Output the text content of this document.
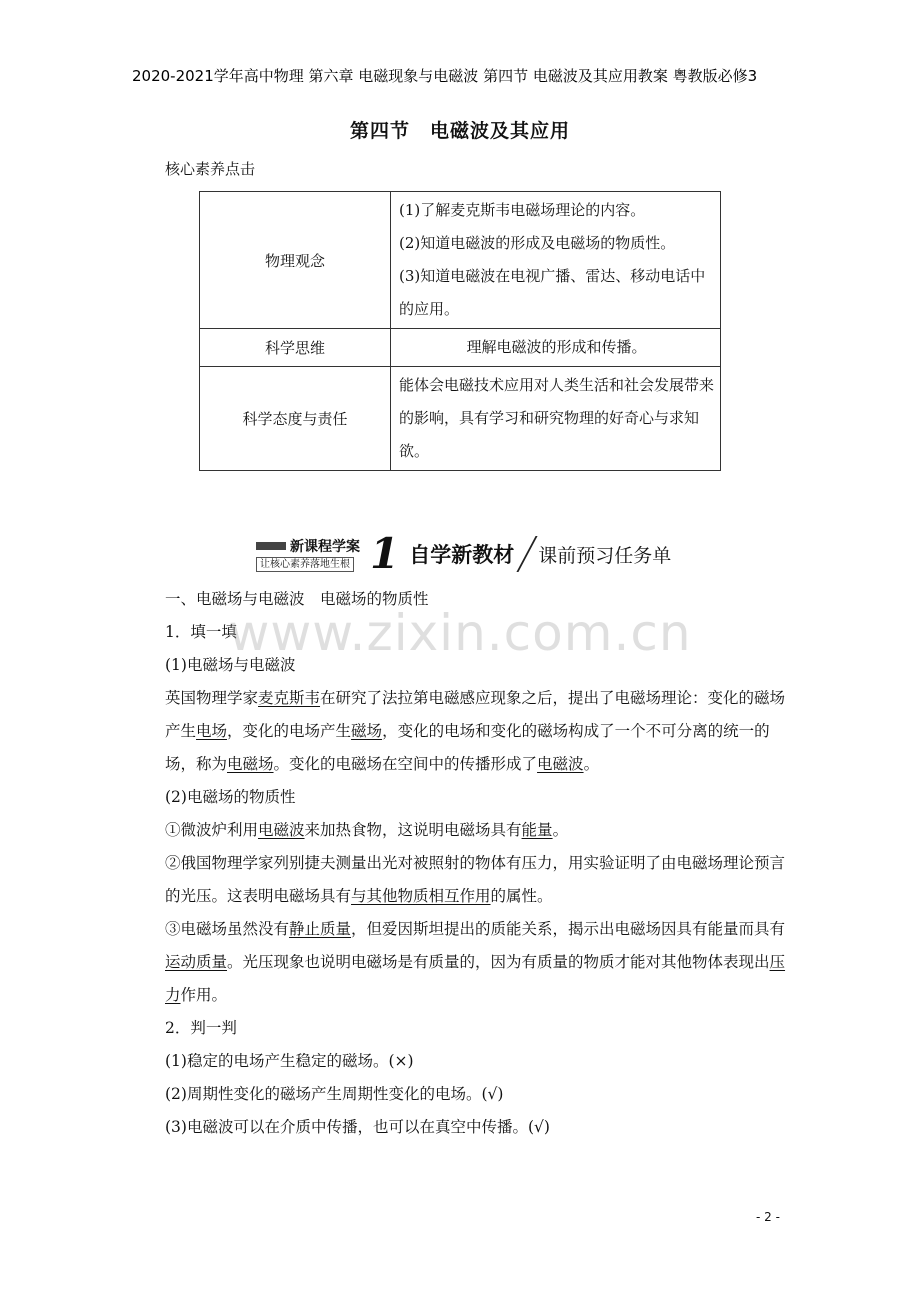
2020-2021学年高中物理 第六章 电磁现象与电磁波 第四节 电磁波及其应用教案 粤教版必修3
第四节　电磁波及其应用
核心素养点击
物理观念	(1)了解麦克斯韦电磁场理论的内容。
(2)知道电磁波的形成及电磁场的物质性。
(3)知道电磁波在电视广播、雷达、移动电话中的应用。

科学思维	理解电磁波的形成和传播。

科学态度与责任	能体会电磁技术应用对人类生活和社会发展带来的影响，具有学习和研究物理的好奇心与求知欲。
新课程学案
让核心素养落地生根 1 自学新教材 课前预习任务单

一、电磁场与电磁波　电磁场的物质性

1．填一填

(1)电磁场与电磁波

英国物理学家麦克斯韦在研究了法拉第电磁感应现象之后，提出了电磁场理论：变化的磁场产生电场，变化的电场产生磁场，变化的电场和变化的磁场构成了一个不可分离的统一的场，称为电磁场。变化的电磁场在空间中的传播形成了电磁波。

(2)电磁场的物质性

①微波炉利用电磁波来加热食物，这说明电磁场具有能量。

②俄国物理学家列别捷夫测量出光对被照射的物体有压力，用实验证明了由电磁场理论预言的光压。这表明电磁场具有与其他物质相互作用的属性。

③电磁场虽然没有静止质量，但爱因斯坦提出的质能关系，揭示出电磁场因具有能量而具有运动质量。光压现象也说明电磁场是有质量的，因为有质量的物质才能对其他物体表现出压力作用。

2．判一判

(1)稳定的电场产生稳定的磁场。(×)

(2)周期性变化的磁场产生周期性变化的电场。(√)

(3)电磁波可以在介质中传播，也可以在真空中传播。(√)

www.zixin.com.cn
- 2 -
